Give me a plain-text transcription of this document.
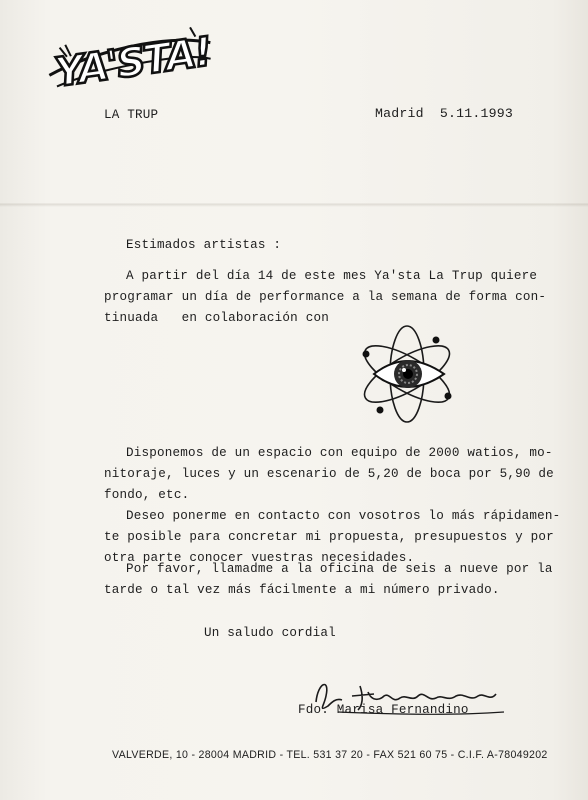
YA'STA!
LA TRUP	Madrid  5.11.1993
Estimados artistas :
A partir del día 14 de este mes Ya'sta La Trup quiere
programar un día de performance a la semana de forma con-
tinuada   en colaboración con
Disponemos de un espacio con equipo de 2000 watios, mo-
nitoraje, luces y un escenario de 5,20 de boca por 5,90 de
fondo, etc.
Deseo ponerme en contacto con vosotros lo más rápidamen-
te posible para concretar mi propuesta, presupuestos y por
otra parte conocer vuestras necesidades.
Por favor, llamadme a la oficina de seis a nueve por la
tarde o tal vez más fácilmente a mi número privado.
Un saludo cordial
Fdo. Marisa Fernandino
VALVERDE, 10 - 28004 MADRID - TEL. 531 37 20 - FAX 521 60 75 - C.I.F. A-78049202
